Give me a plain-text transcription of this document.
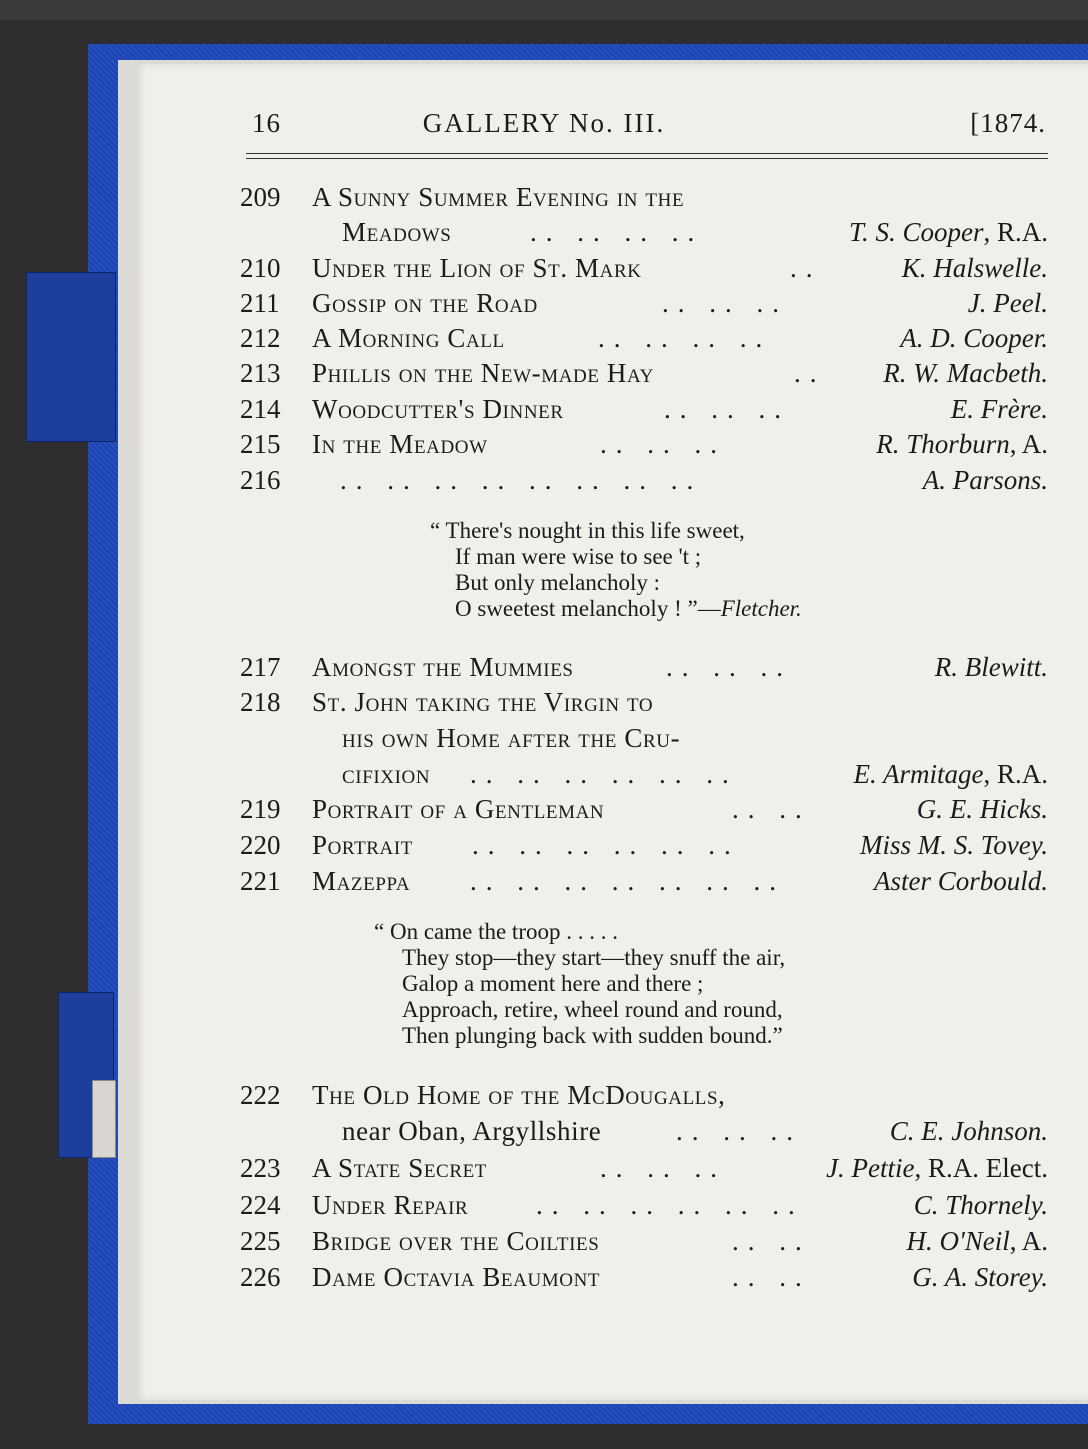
16	GALLERY No. III.	[1874.
209	A Sunny Summer Evening in the
Meadows	.. .. .. ..	T. S. Cooper, R.A.
210	Under the Lion of St. Mark	..	K. Halswelle.
211	Gossip on the Road	.. .. ..	J. Peel.
212	A Morning Call	.. .. .. ..	A. D. Cooper.
213	Phillis on the New-made Hay	.. R. W. Macbeth.
214	Woodcutter's Dinner	.. .. ..	E. Frère.
215	In the Meadow	.. .. ..	R. Thorburn, A.
216	.. .. .. .. .. .. .. ..	A. Parsons.
“ There's nought in this life sweet,
If man were wise to see 't ;
But only melancholy :
O sweetest melancholy ! ”—Fletcher.
217	Amongst the Mummies	.. .. ..	R. Blewitt.
218	St. John taking the Virgin to
his own Home after the Cru-
cifixion .. .. .. .. .. ..	E. Armitage, R.A.
219	Portrait of a Gentleman	.. ..	G. E. Hicks.
220	Portrait .. .. .. .. .. ..	Miss M. S. Tovey.
221	Mazeppa .. .. .. .. .. .. ..	Aster Corbould.
“ On came the troop . . . . .
They stop—they start—they snuff the air,
Galop a moment here and there ;
Approach, retire, wheel round and round,
Then plunging back with sudden bound.”
222	The Old Home of the McDougalls,
near Oban, Argyllshire	.. .. ..	C. E. Johnson.
223	A State Secret	.. .. ..	J. Pettie, R.A. Elect.
224	Under Repair	.. .. .. .. .. ..	C. Thornely.
225	Bridge over the Coilties	.. ..	H. O'Neil, A.
226	Dame Octavia Beaumont	.. ..	G. A. Storey.
